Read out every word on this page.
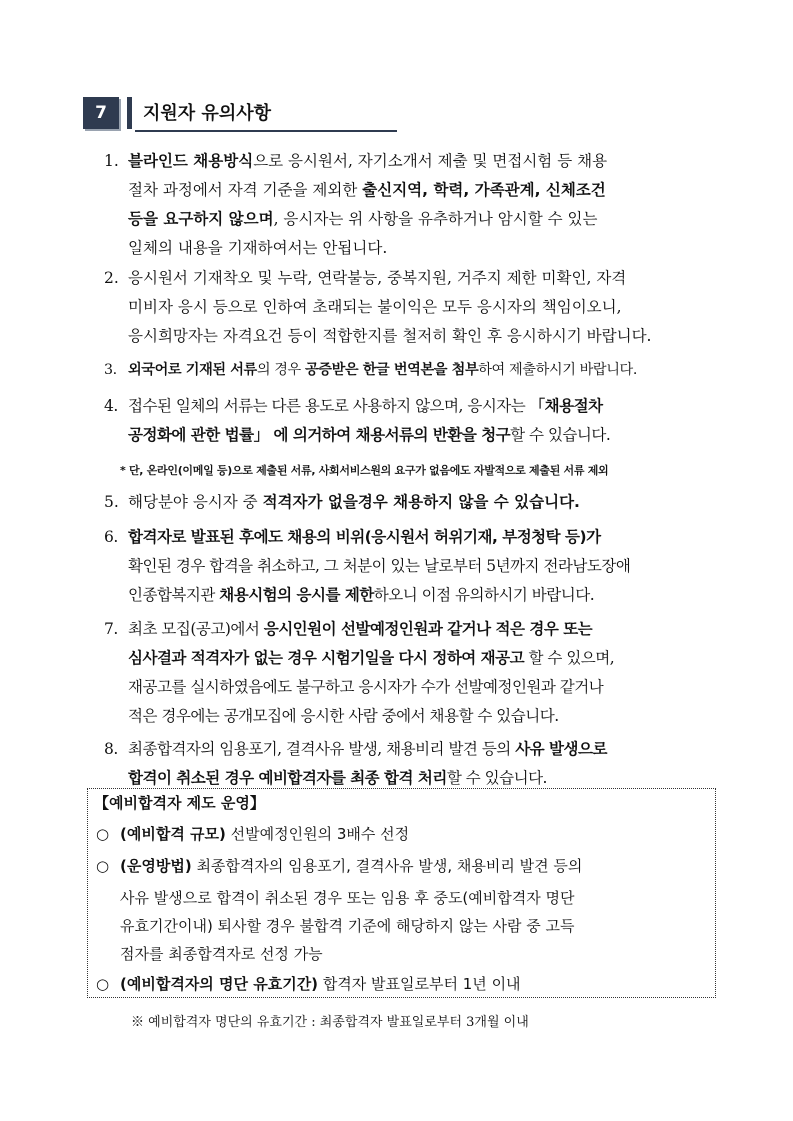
7	지원자 유의사항
1. 블라인드 채용방식으로 응시원서, 자기소개서 제출 및 면접시험 등 채용
절차 과정에서 자격 기준을 제외한 출신지역, 학력, 가족관계, 신체조건
등을 요구하지 않으며, 응시자는 위 사항을 유추하거나 암시할 수 있는
일체의 내용을 기재하여서는 안됩니다.
2. 응시원서 기재착오 및 누락, 연락불능, 중복지원, 거주지 제한 미확인, 자격
미비자 응시 등으로 인하여 초래되는 불이익은 모두 응시자의 책임이오니,
응시희망자는 자격요건 등이 적합한지를 철저히 확인 후 응시하시기 바랍니다.
3. 외국어로 기재된 서류의 경우 공증받은 한글 번역본을 첨부하여 제출하시기 바랍니다.
4. 접수된 일체의 서류는 다른 용도로 사용하지 않으며, 응시자는 「채용절차
공정화에 관한 법률」 에 의거하여 채용서류의 반환을 청구할 수 있습니다.
* 단, 온라인(이메일 등)으로 제출된 서류, 사회서비스원의 요구가 없음에도 자발적으로 제출된 서류 제외
5. 해당분야 응시자 중 적격자가 없을경우 채용하지 않을 수 있습니다.
6. 합격자로 발표된 후에도 채용의 비위(응시원서 허위기재, 부정청탁 등)가
확인된 경우 합격을 취소하고, 그 처분이 있는 날로부터 5년까지 전라남도장애
인종합복지관 채용시험의 응시를 제한하오니 이점 유의하시기 바랍니다.
7. 최초 모집(공고)에서 응시인원이 선발예정인원과 같거나 적은 경우 또는
심사결과 적격자가 없는 경우 시험기일을 다시 정하여 재공고 할 수 있으며,
재공고를 실시하였음에도 불구하고 응시자가 수가 선발예정인원과 같거나
적은 경우에는 공개모집에 응시한 사람 중에서 채용할 수 있습니다.
8. 최종합격자의 임용포기, 결격사유 발생, 채용비리 발견 등의 사유 발생으로
합격이 취소된 경우 예비합격자를 최종 합격 처리할 수 있습니다.
【예비합격자 제도 운영】
○ (예비합격 규모) 선발예정인원의 3배수 선정
○ (운영방법) 최종합격자의 임용포기, 결격사유 발생, 채용비리 발견 등의
사유 발생으로 합격이 취소된 경우 또는 임용 후 중도(예비합격자 명단
유효기간이내) 퇴사할 경우 불합격 기준에 해당하지 않는 사람 중 고득
점자를 최종합격자로 선정 가능
○ (예비합격자의 명단 유효기간) 합격자 발표일로부터 1년 이내
※ 예비합격자 명단의 유효기간 : 최종합격자 발표일로부터 3개월 이내
